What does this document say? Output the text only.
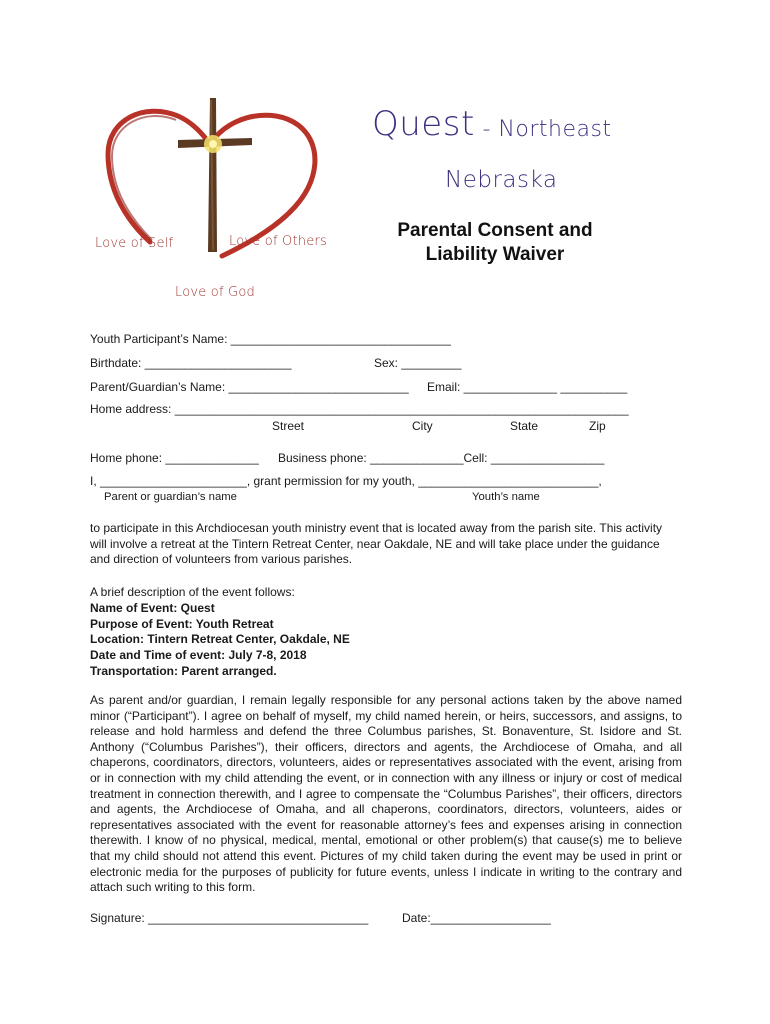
Love of Self	Love of Others
Love of God
Quest - Northeast
Nebraska
Parental Consent and
Liability Waiver
Youth Participant’s Name: _________________________________
Birthdate: ______________________	Sex: _________
Parent/Guardian’s Name: ___________________________ Email: ______________ __________
Home address: ____________________________________________________________________
Street	City	State	Zip
Home phone: ______________ Business phone: ______________Cell: _________________
I, ______________________, grant permission for my youth, ___________________________,
Parent or guardian’s name	Youth’s name
to participate in this Archdiocesan youth ministry event that is located away from the parish site. This activity will involve a retreat at the Tintern Retreat Center, near Oakdale, NE and will take place under the guidance and direction of volunteers from various parishes.
A brief description of the event follows:
Name of Event: Quest
Purpose of Event: Youth Retreat
Location: Tintern Retreat Center, Oakdale, NE
Date and Time of event: July 7-8, 2018
Transportation: Parent arranged.
As parent and/or guardian, I remain legally responsible for any personal actions taken by the above named minor (“Participant”). I agree on behalf of myself, my child named herein, or heirs, successors, and assigns, to release and hold harmless and defend the three Columbus parishes, St. Bonaventure, St. Isidore and St. Anthony (“Columbus Parishes”), their officers, directors and agents, the Archdiocese of Omaha, and all chaperons, coordinators, directors, volunteers, aides or representatives associated with the event, arising from or in connection with my child attending the event, or in connection with any illness or injury or cost of medical treatment in connection therewith, and I agree to compensate the “Columbus Parishes”, their officers, directors and agents, the Archdiocese of Omaha, and all chaperons, coordinators, directors, volunteers, aides or representatives associated with the event for reasonable attorney’s fees and expenses arising in connection therewith. I know of no physical, medical, mental, emotional or other problem(s) that cause(s) me to believe that my child should not attend this event. Pictures of my child taken during the event may be used in print or electronic media for the purposes of publicity for future events, unless I indicate in writing to the contrary and attach such writing to this form.
Signature: _________________________________	Date:__________________
